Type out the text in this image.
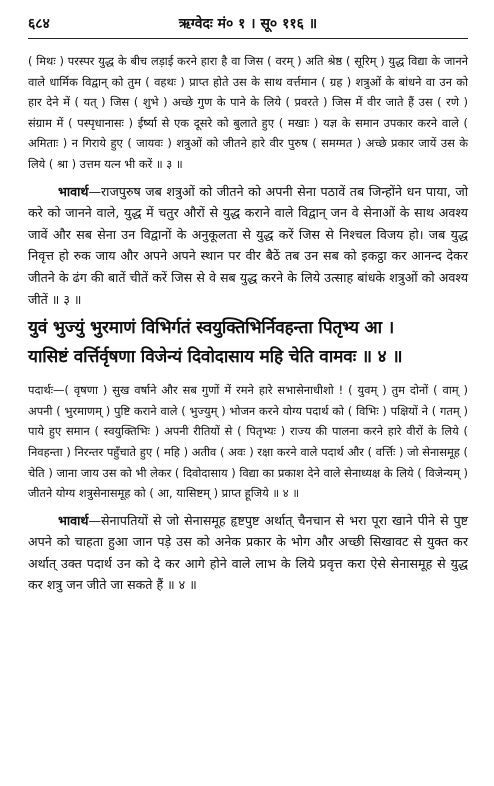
६८४	ऋग्वेदः मं० १ । सू० ११६ ॥

( मिथः ) परस्पर युद्ध के बीच लड़ाई करने हारा है वा जिस ( वरम् ) अति श्रेष्ठ ( सूरिम् ) युद्ध विद्या के जानने वाले धार्मिक विद्वान् को तुम ( वहथः ) प्राप्त होते उस के साथ वर्त्तमान ( ग्रह ) शत्रुओं के बांधने वा उन को हार देने में ( यत् ) जिस ( शुभे ) अच्छे गुण के पाने के लिये ( प्रवरते ) जिस में वीर जाते हैं उस ( रणे ) संग्राम में ( पस्पृधानासः ) ईर्ष्या से एक दूसरे को बुलाते हुए ( मखाः ) यज्ञ के समान उपकार करने वाले ( अमिताः ) न गिराये हुए ( जायवः ) शत्रुओं को जीतने हारे वीर पुरुष ( समग्मत ) अच्छे प्रकार जायें उस के लिये ( श्रा ) उत्तम यत्न भी करें ॥ ३ ॥

भावार्थ—राजपुरुष जब शत्रुओं को जीतने को अपनी सेना पठावें तब जिन्होंने धन पाया, जो करे को जानने वाले, युद्ध में चतुर औरों से युद्ध कराने वाले विद्वान् जन वे सेनाओं के साथ अवश्य जावें और सब सेना उन विद्वानों के अनुकूलता से युद्ध करें जिस से निश्चल विजय हो। जब युद्ध निवृत्त हो रुक जाय और अपने अपने स्थान पर वीर बैठें तब उन सब को इकट्ठा कर आनन्द देकर जीतने के ढंग की बातें चीतें करें जिस से वे सब युद्ध करने के लिये उत्साह बांधके शत्रुओं को अवश्य जीतें ॥ ३ ॥

युवं भुज्युं भुरमाणं विभिर्गतं स्वयुक्तिभिर्निवहन्ता पितृभ्य आ ।
यासिष्टं वर्त्तिर्वृषणा विजेन्यं दिवोदासाय महि चेति वामवः ॥ ४ ॥

पदार्थः—( वृषणा ) सुख वर्षाने और सब गुणों में रमने हारे सभासेनाधीशो ! ( युवम् ) तुम दोनों ( वाम् ) अपनी ( भुरमाणम् ) पुष्टि कराने वाले ( भुज्युम् ) भोजन करने योग्य पदार्थ को ( विभिः ) पक्षियों ने ( गतम् ) पाये हुए समान ( स्वयुक्तिभिः ) अपनी रीतियों से ( पितृभ्यः ) राज्य की पालना करने हारे वीरों के लिये ( निवहन्ता ) निरन्तर पहुँचाते हुए ( महि ) अतीव ( अवः ) रक्षा करने वाले पदार्थ और ( वर्त्तिः ) जो सेनासमूह ( चेति ) जाना जाय उस को भी लेकर ( दिवोदासाय ) विद्या का प्रकाश देने वाले सेनाध्यक्ष के लिये ( विजेन्यम् ) जीतने योग्य शत्रुसेनासमूह को ( आ, यासिष्टम् ) प्राप्त हूजिये ॥ ४ ॥

भावार्थ—सेनापतियों से जो सेनासमूह हृष्टपुष्ट अर्थात् चैनचान से भरा पूरा खाने पीने से पुष्ट अपने को चाहता हुआ जान पड़े उस को अनेक प्रकार के भोग और अच्छी सिखावट से युक्त कर अर्थात् उक्त पदार्थ उन को दे कर आगे होने वाले लाभ के लिये प्रवृत्त करा ऐसे सेनासमूह से युद्ध कर शत्रु जन जीते जा सकते हैं ॥ ४ ॥
